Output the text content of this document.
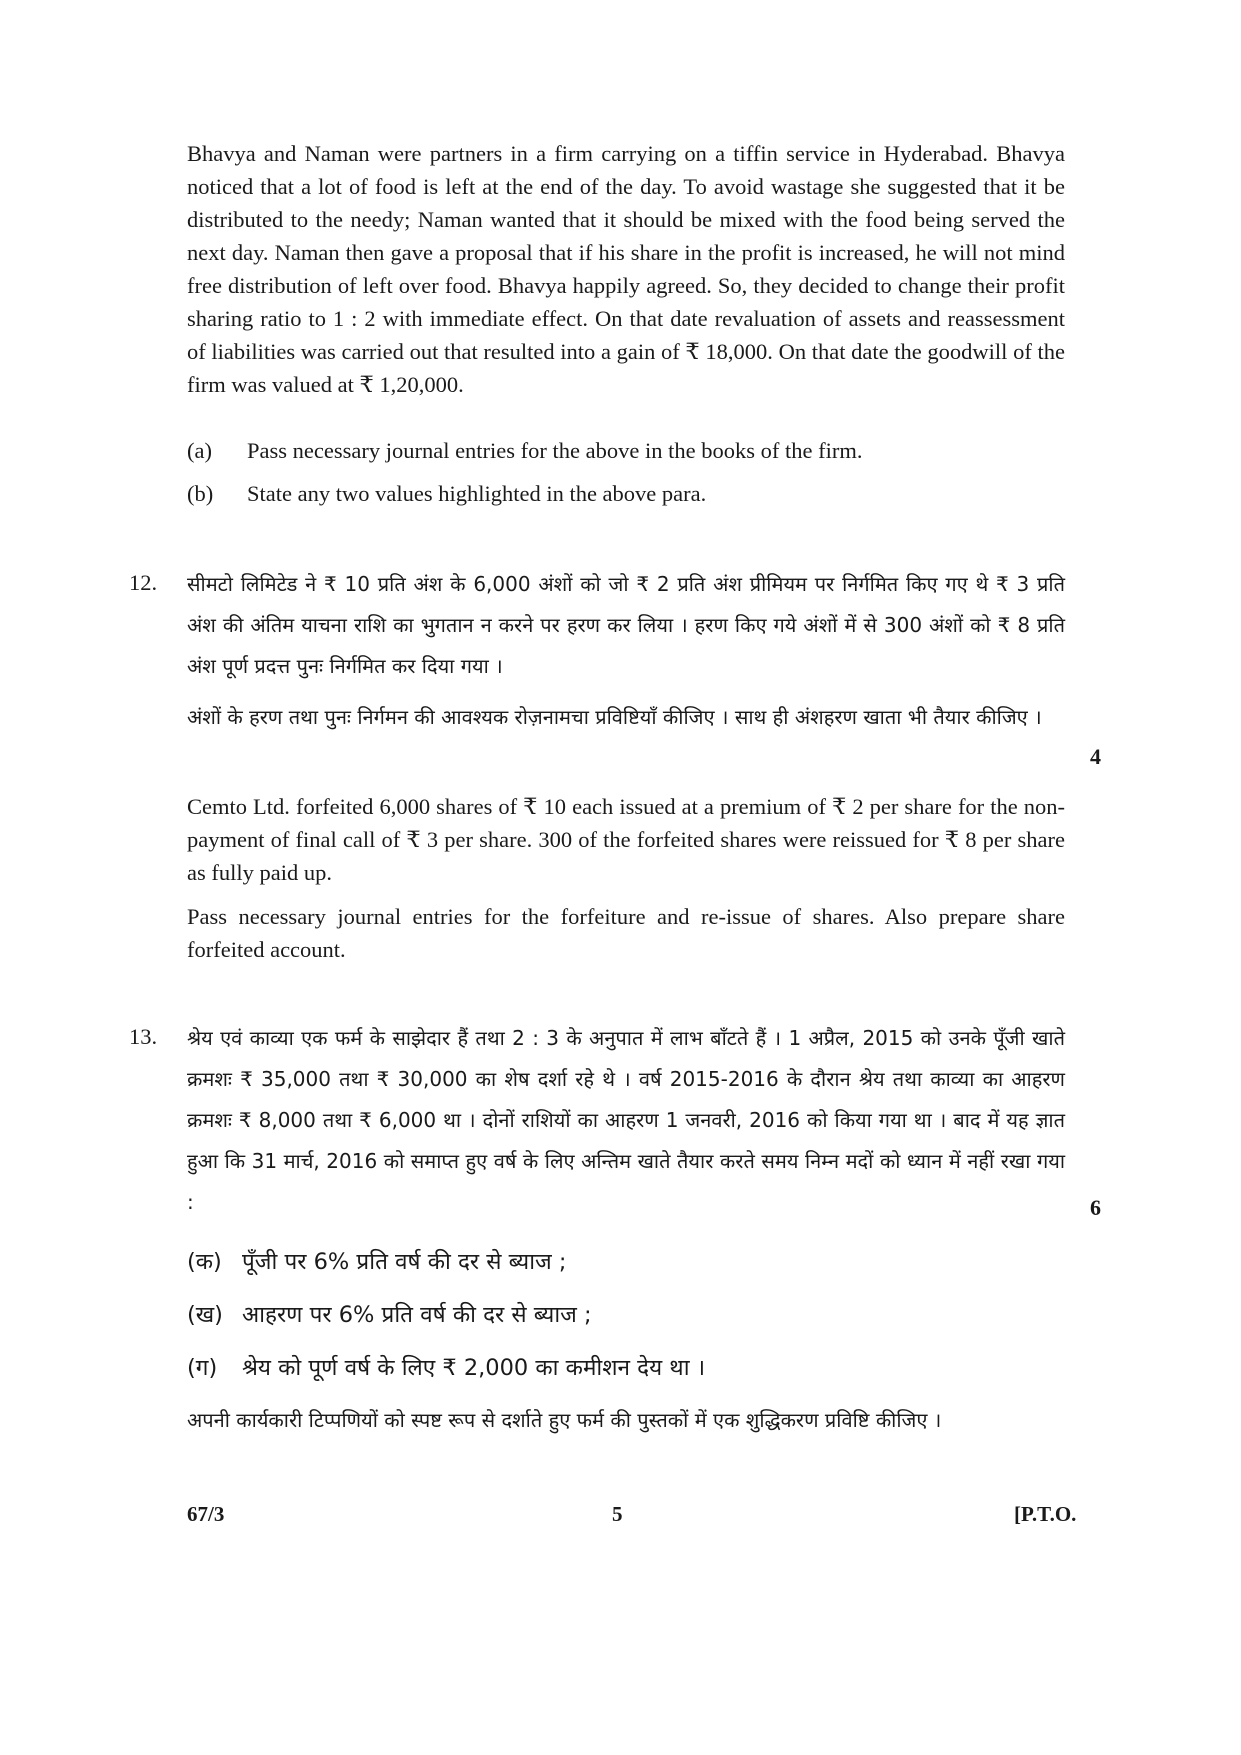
Bhavya and Naman were partners in a firm carrying on a tiffin service in Hyderabad. Bhavya noticed that a lot of food is left at the end of the day. To avoid wastage she suggested that it be distributed to the needy; Naman wanted that it should be mixed with the food being served the next day. Naman then gave a proposal that if his share in the profit is increased, he will not mind free distribution of left over food. Bhavya happily agreed. So, they decided to change their profit sharing ratio to 1 : 2 with immediate effect. On that date revaluation of assets and reassessment of liabilities was carried out that resulted into a gain of ₹ 18,000. On that date the goodwill of the firm was valued at ₹ 1,20,000.

(a) Pass necessary journal entries for the above in the books of the firm.
(b) State any two values highlighted in the above para.

12. सीमटो लिमिटेड ने ₹ 10 प्रति अंश के 6,000 अंशों को जो ₹ 2 प्रति अंश प्रीमियम पर निर्गमित किए गए थे ₹ 3 प्रति अंश की अंतिम याचना राशि का भुगतान न करने पर हरण कर लिया । हरण किए गये अंशों में से 300 अंशों को ₹ 8 प्रति अंश पूर्ण प्रदत्त पुनः निर्गमित कर दिया गया ।

अंशों के हरण तथा पुनः निर्गमन की आवश्यक रोज़नामचा प्रविष्टियाँ कीजिए । साथ ही अंशहरण खाता भी तैयार कीजिए ।

4

Cemto Ltd. forfeited 6,000 shares of ₹ 10 each issued at a premium of ₹ 2 per share for the non-payment of final call of ₹ 3 per share. 300 of the forfeited shares were reissued for ₹ 8 per share as fully paid up.

Pass necessary journal entries for the forfeiture and re-issue of shares. Also prepare share forfeited account.

13. श्रेय एवं काव्या एक फर्म के साझेदार हैं तथा 2 : 3 के अनुपात में लाभ बाँटते हैं । 1 अप्रैल, 2015 को उनके पूँजी खाते क्रमशः ₹ 35,000 तथा ₹ 30,000 का शेष दर्शा रहे थे । वर्ष 2015-2016 के दौरान श्रेय तथा काव्या का आहरण क्रमशः ₹ 8,000 तथा ₹ 6,000 था । दोनों राशियों का आहरण 1 जनवरी, 2016 को किया गया था । बाद में यह ज्ञात हुआ कि 31 मार्च, 2016 को समाप्त हुए वर्ष के लिए अन्तिम खाते तैयार करते समय निम्न मदों को ध्यान में नहीं रखा गया :	6

(क) पूँजी पर 6% प्रति वर्ष की दर से ब्याज ;
(ख) आहरण पर 6% प्रति वर्ष की दर से ब्याज ;
(ग) श्रेय को पूर्ण वर्ष के लिए ₹ 2,000 का कमीशन देय था ।

अपनी कार्यकारी टिप्पणियों को स्पष्ट रूप से दर्शाते हुए फर्म की पुस्तकों में एक शुद्धिकरण प्रविष्टि कीजिए ।

67/3	5	[P.T.O.
